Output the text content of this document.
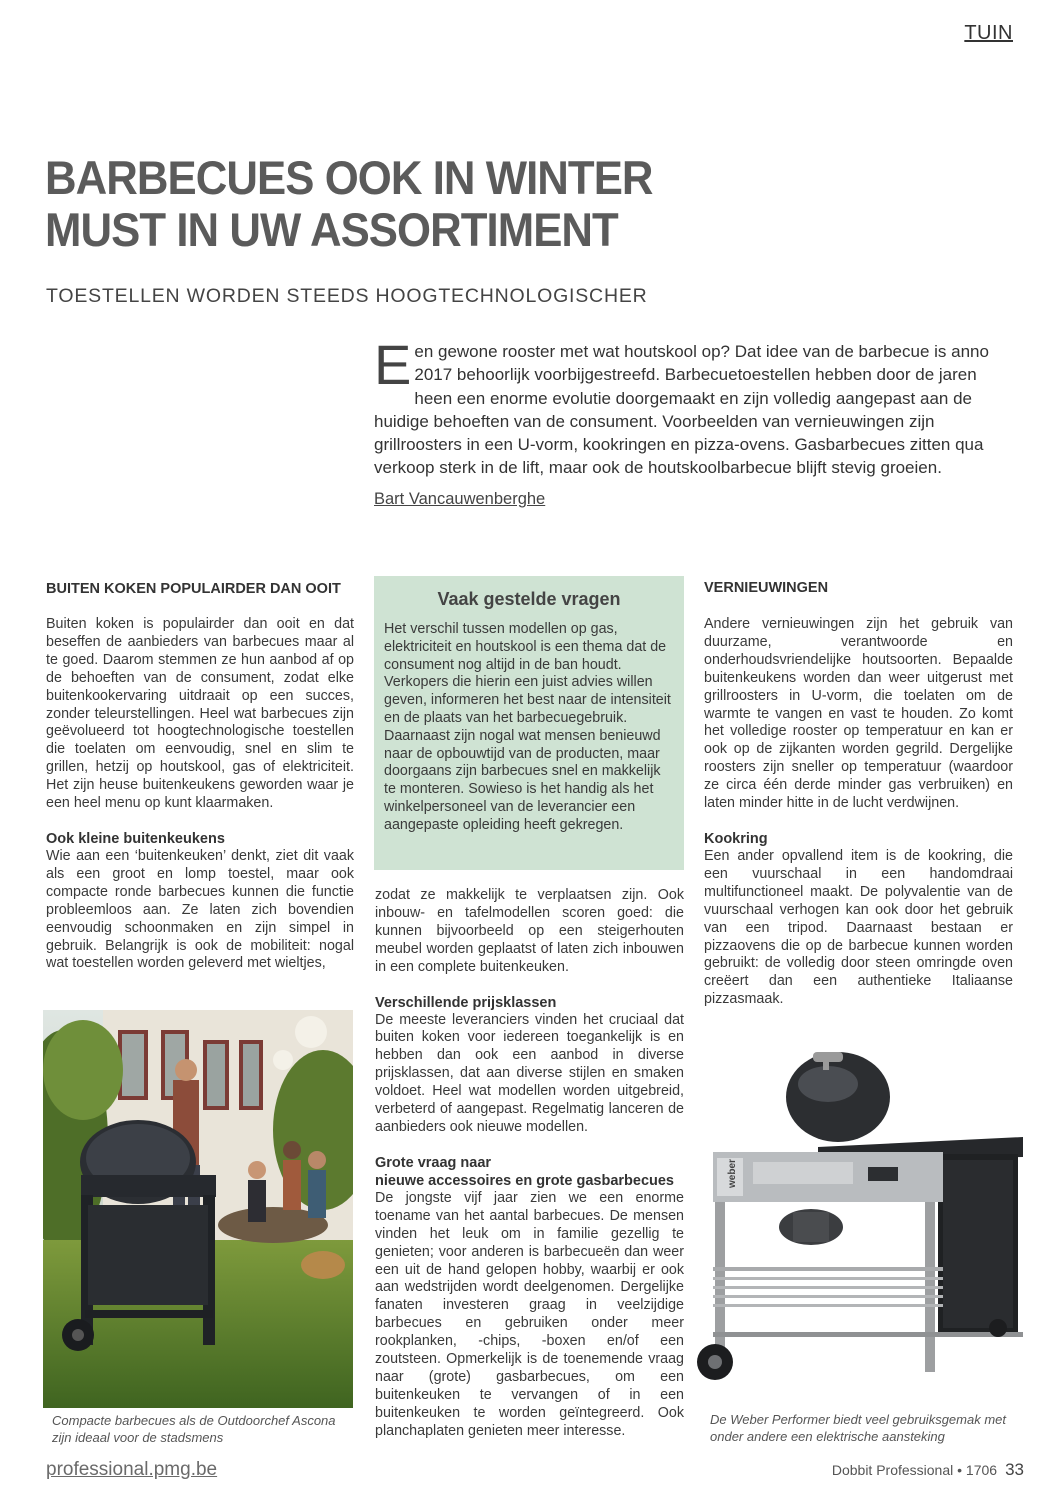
TUIN
BARBECUES OOK IN WINTER
MUST IN UW ASSORTIMENT
TOESTELLEN WORDEN STEEDS HOOGTECHNOLOGISCHER
Een gewone rooster met wat houtskool op? Dat idee van de barbecue is anno 2017 behoorlijk voorbijgestreefd. Barbecuetoestellen hebben door de jaren heen een enorme evolutie doorgemaakt en zijn volledig aangepast aan de huidige behoeften van de consument. Voorbeelden van vernieuwingen zijn grillroosters in een U-vorm, kookringen en pizza-ovens. Gasbarbecues zitten qua verkoop sterk in de lift, maar ook de houtskoolbarbecue blijft stevig groeien.
Bart Vancauwenberghe
BUITEN KOKEN POPULAIRDER DAN OOIT

Buiten koken is populairder dan ooit en dat beseffen de aanbieders van barbecues maar al te goed. Daarom stemmen ze hun aanbod af op de behoeften van de consument, zodat elke buitenkookervaring uitdraait op een succes, zonder teleurstellingen. Heel wat barbecues zijn geëvolueerd tot hoogtechnologische toestellen die toelaten om eenvoudig, snel en slim te grillen, hetzij op houtskool, gas of elektriciteit. Het zijn heuse buitenkeukens geworden waar je een heel menu op kunt klaarmaken.

Ook kleine buitenkeukens

Wie aan een ‘buitenkeuken’ denkt, ziet dit vaak als een groot en lomp toestel, maar ook compacte ronde barbecues kunnen die functie probleemloos aan. Ze laten zich bovendien eenvoudig schoonmaken en zijn simpel in gebruik. Belangrijk is ook de mobiliteit: nogal wat toestellen worden geleverd met wieltjes,

Vaak gestelde vragen

Het verschil tussen modellen op gas, elektriciteit en houtskool is een thema dat de consument nog altijd in de ban houdt. Verkopers die hierin een juist advies willen geven, informeren het best naar de intensiteit en de plaats van het barbecuegebruik. Daarnaast zijn nogal wat mensen benieuwd naar de opbouwtijd van de producten, maar doorgaans zijn barbecues snel en makkelijk te monteren. Sowieso is het handig als het winkelpersoneel van de leverancier een aangepaste opleiding heeft gekregen.

zodat ze makkelijk te verplaatsen zijn. Ook inbouw- en tafelmodellen scoren goed: die kunnen bijvoorbeeld op een steigerhouten meubel worden geplaatst of laten zich inbouwen in een complete buitenkeuken.

Verschillende prijsklassen

De meeste leveranciers vinden het cruciaal dat buiten koken voor iedereen toegankelijk is en hebben dan ook een aanbod in diverse prijsklassen, dat aan diverse stijlen en smaken voldoet. Heel wat modellen worden uitgebreid, verbeterd of aangepast. Regelmatig lanceren de aanbieders ook nieuwe modellen.

Grote vraag naar
nieuwe accessoires en grote gasbarbecues

De jongste vijf jaar zien we een enorme toename van het aantal barbecues. De mensen vinden het leuk om in familie gezellig te genieten; voor anderen is barbecueën dan weer een uit de hand gelopen hobby, waarbij er ook aan wedstrijden wordt deelgenomen. Dergelijke fanaten investeren graag in veelzijdige barbecues en gebruiken onder meer rookplanken, -chips, -boxen en/of een zoutsteen. Opmerkelijk is de toenemende vraag naar (grote) gasbarbecues, om een buitenkeuken te vervangen of in een buitenkeuken te worden geïntegreerd. Ook planchaplaten genieten meer interesse.

VERNIEUWINGEN

Andere vernieuwingen zijn het gebruik van duurzame, verantwoorde en onderhoudsvriendelijke houtsoorten. Bepaalde buitenkeukens worden dan weer uitgerust met grillroosters in U-vorm, die toelaten om de warmte te vangen en vast te houden. Zo komt het volledige rooster op temperatuur en kan er ook op de zijkanten worden gegrild. Dergelijke roosters zijn sneller op temperatuur (waardoor ze circa één derde minder gas verbruiken) en laten minder hitte in de lucht verdwijnen.

Kookring

Een ander opvallend item is de kookring, die een vuurschaal in een handomdraai multifunctioneel maakt. De polyvalentie van de vuurschaal verhogen kan ook door het gebruik van een tripod. Daarnaast bestaan er pizzaovens die op de barbecue kunnen worden gebruikt: de volledig door steen omringde oven creëert dan een authentieke Italiaanse pizzasmaak.

Compacte barbecues als de Outdoorchef Ascona zijn ideaal voor de stadsmens
weber
De Weber Performer biedt veel gebruiksgemak met onder andere een elektrische aansteking
professional.pmg.be	Dobbit Professional • 1706 33
